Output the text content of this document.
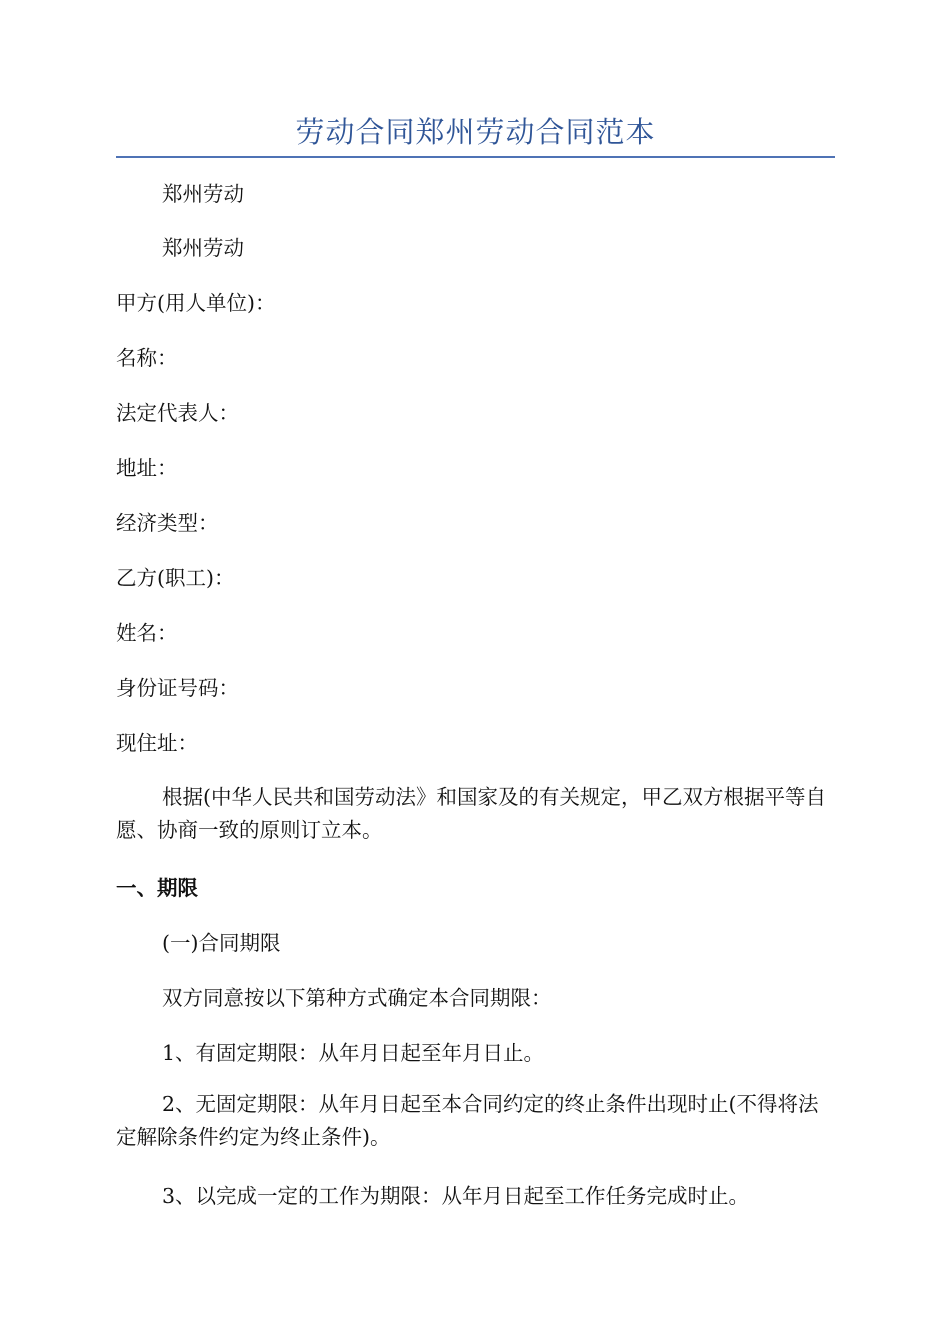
劳动合同郑州劳动合同范本
郑州劳动
郑州劳动
甲方(用人单位)：
名称：
法定代表人：
地址：
经济类型：
乙方(职工)：
姓名：
身份证号码：
现住址：
根据(中华人民共和国劳动法》和国家及的有关规定，甲乙双方根据平等自愿、协商一致的原则订立本。
一、期限
(一)合同期限
双方同意按以下第种方式确定本合同期限：
1、有固定期限：从年月日起至年月日止。
2、无固定期限：从年月日起至本合同约定的终止条件出现时止(不得将法定解除条件约定为终止条件)。
3、以完成一定的工作为期限：从年月日起至工作任务完成时止。
